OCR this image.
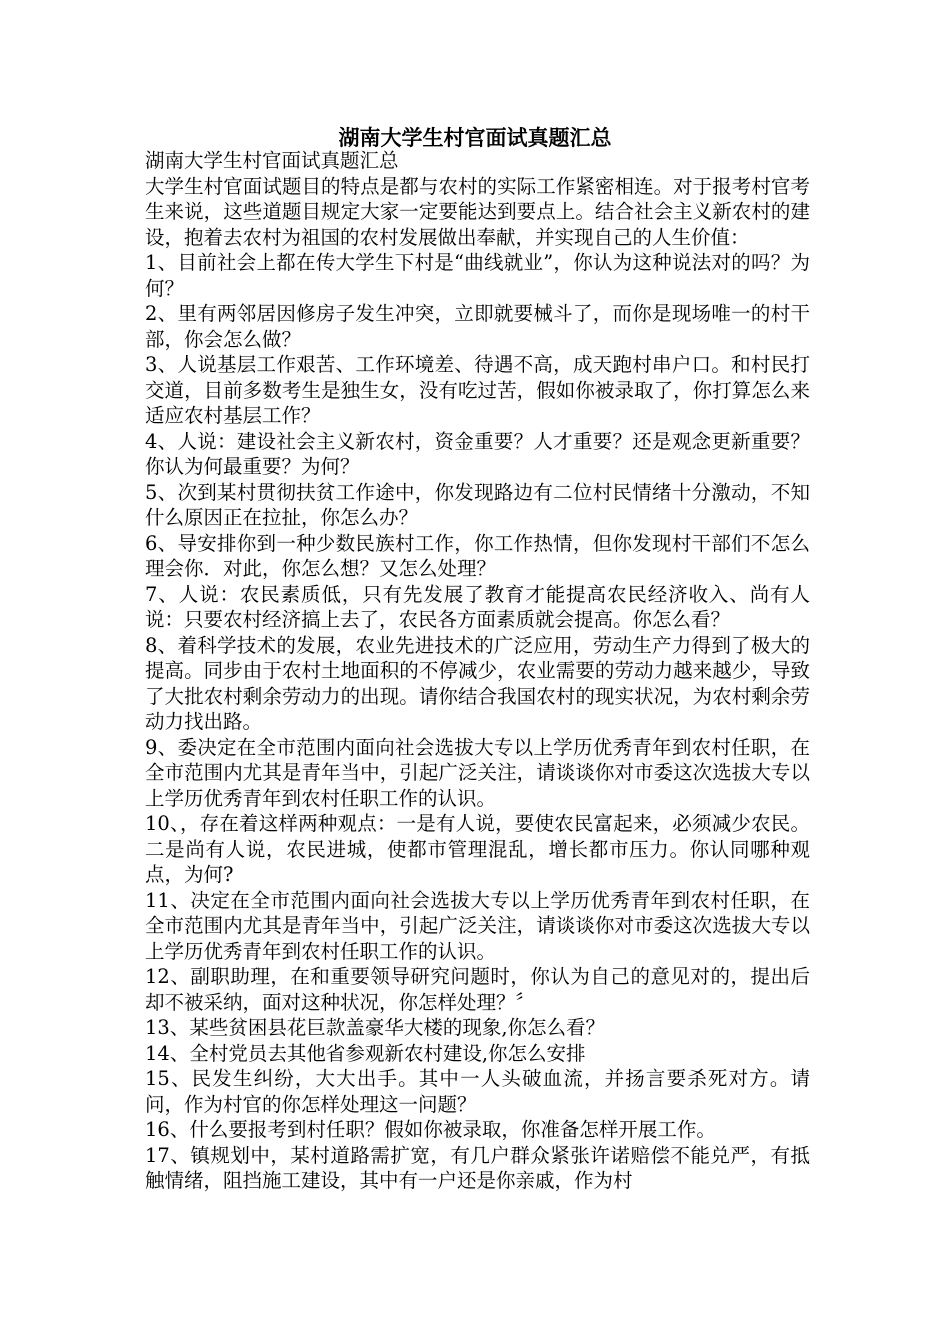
湖南大学生村官面试真题汇总

湖南大学生村官面试真题汇总

大学生村官面试题目的特点是都与农村的实际工作紧密相连。对于报考村官考生来说，这些道题目规定大家一定要能达到要点上。结合社会主义新农村的建设，抱着去农村为祖国的农村发展做出奉献，并实现自己的人生价值：

1、目前社会上都在传大学生下村是“曲线就业”，你认为这种说法对的吗？为何？

2、里有两邻居因修房子发生冲突，立即就要械斗了，而你是现场唯一的村干部，你会怎么做？

3、人说基层工作艰苦、工作环境差、待遇不高，成天跑村串户口。和村民打交道，目前多数考生是独生女，没有吃过苦，假如你被录取了，你打算怎么来适应农村基层工作？

4、人说：建设社会主义新农村，资金重要？人才重要？还是观念更新重要？你认为何最重要？为何？

5、次到某村贯彻扶贫工作途中，你发现路边有二位村民情绪十分激动，不知什么原因正在拉扯，你怎么办？

6、导安排你到一种少数民族村工作，你工作热情，但你发现村干部们不怎么理会你．对此，你怎么想？又怎么处理？

7、人说：农民素质低，只有先发展了教育才能提高农民经济收入、尚有人说：只要农村经济搞上去了，农民各方面素质就会提高。你怎么看？

8、着科学技术的发展，农业先进技术的广泛应用，劳动生产力得到了极大的提高。同步由于农村土地面积的不停减少，农业需要的劳动力越来越少，导致了大批农村剩余劳动力的出现。请你结合我国农村的现实状况，为农村剩余劳动力找出路。

9、委决定在全市范围内面向社会选拔大专以上学历优秀青年到农村任职，在全市范围内尤其是青年当中，引起广泛关注，请谈谈你对市委这次选拔大专以上学历优秀青年到农村任职工作的认识。

10、，存在着这样两种观点：一是有人说，要使农民富起来，必须减少农民。二是尚有人说，农民进城，使都市管理混乱，增长都市压力。你认同哪种观点，为何?

11、决定在全市范围内面向社会选拔大专以上学历优秀青年到农村任职，在全市范围内尤其是青年当中，引起广泛关注，请谈谈你对市委这次选拔大专以上学历优秀青年到农村任职工作的认识。

12、副职助理，在和重要领导研究问题时，你认为自己的意见对的，提出后却不被采纳，面对这种状况，你怎样处理？〞

13、某些贫困县花巨款盖豪华大楼的现象,你怎么看？

14、全村党员去其他省参观新农村建设,你怎么安排

15、民发生纠纷，大大出手。其中一人头破血流，并扬言要杀死对方。请问，作为村官的你怎样处理这一问题？

16、什么要报考到村任职？假如你被录取，你准备怎样开展工作。

17、镇规划中，某村道路需扩宽，有几户群众紧张许诺赔偿不能兑严，有抵触情绪，阻挡施工建设，其中有一户还是你亲戚，作为村
